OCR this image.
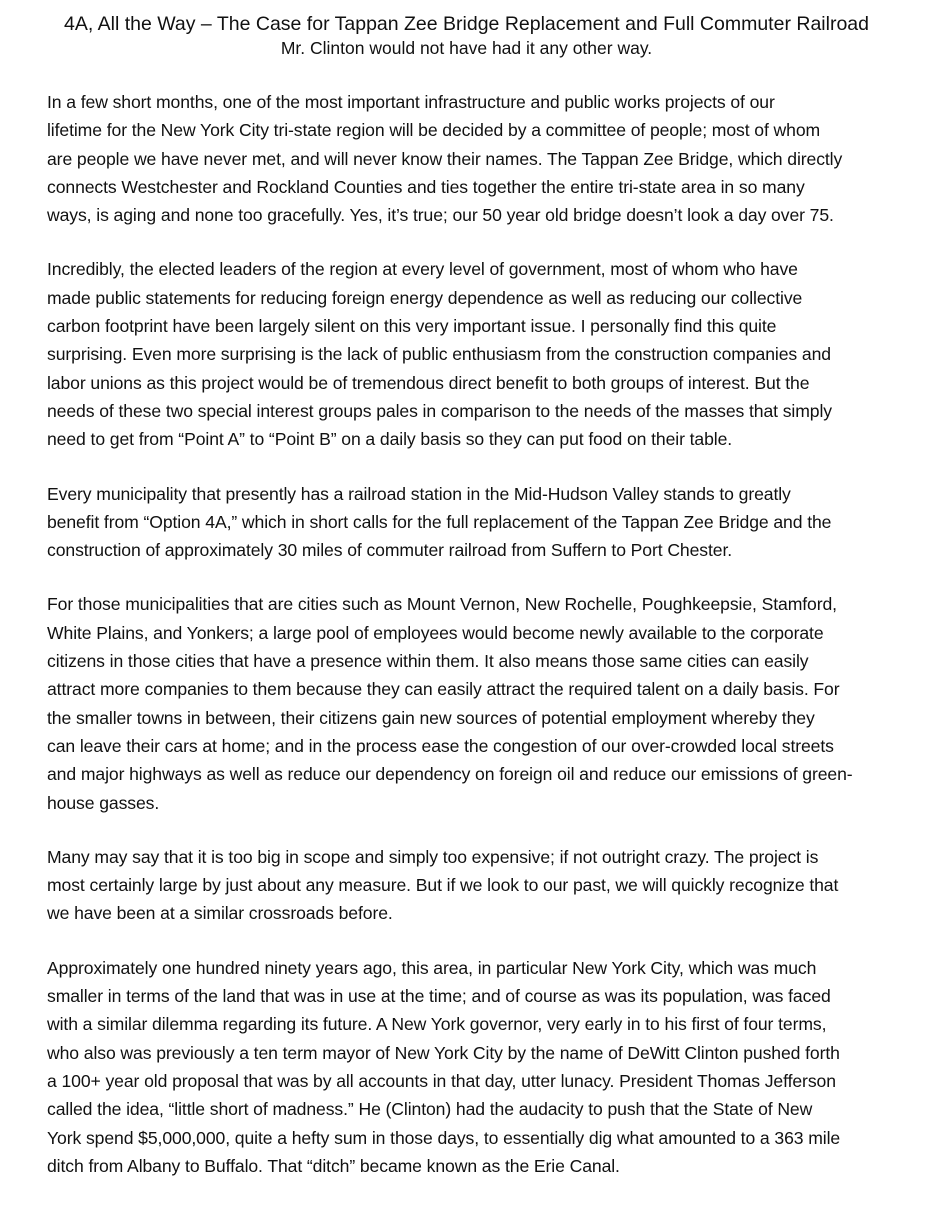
4A, All the Way – The Case for Tappan Zee Bridge Replacement and Full Commuter Railroad
Mr. Clinton would not have had it any other way.
In a few short months, one of the most important infrastructure and public works projects of our
lifetime for the New York City tri-state region will be decided by a committee of people; most of whom
are people we have never met, and will never know their names. The Tappan Zee Bridge, which directly
connects Westchester and Rockland Counties and ties together the entire tri-state area in so many
ways, is aging and none too gracefully. Yes, it’s true; our 50 year old bridge doesn’t look a day over 75.
Incredibly, the elected leaders of the region at every level of government, most of whom who have
made public statements for reducing foreign energy dependence as well as reducing our collective
carbon footprint have been largely silent on this very important issue. I personally find this quite
surprising. Even more surprising is the lack of public enthusiasm from the construction companies and
labor unions as this project would be of tremendous direct benefit to both groups of interest. But the
needs of these two special interest groups pales in comparison to the needs of the masses that simply
need to get from “Point A” to “Point B” on a daily basis so they can put food on their table.
Every municipality that presently has a railroad station in the Mid-Hudson Valley stands to greatly
benefit from “Option 4A,” which in short calls for the full replacement of the Tappan Zee Bridge and the
construction of approximately 30 miles of commuter railroad from Suffern to Port Chester.
For those municipalities that are cities such as Mount Vernon, New Rochelle, Poughkeepsie, Stamford,
White Plains, and Yonkers; a large pool of employees would become newly available to the corporate
citizens in those cities that have a presence within them. It also means those same cities can easily
attract more companies to them because they can easily attract the required talent on a daily basis. For
the smaller towns in between, their citizens gain new sources of potential employment whereby they
can leave their cars at home; and in the process ease the congestion of our over-crowded local streets
and major highways as well as reduce our dependency on foreign oil and reduce our emissions of green-
house gasses.
Many may say that it is too big in scope and simply too expensive; if not outright crazy. The project is
most certainly large by just about any measure. But if we look to our past, we will quickly recognize that
we have been at a similar crossroads before.
Approximately one hundred ninety years ago, this area, in particular New York City, which was much
smaller in terms of the land that was in use at the time; and of course as was its population, was faced
with a similar dilemma regarding its future. A New York governor, very early in to his first of four terms,
who also was previously a ten term mayor of New York City by the name of DeWitt Clinton pushed forth
a 100+ year old proposal that was by all accounts in that day, utter lunacy. President Thomas Jefferson
called the idea, “little short of madness.” He (Clinton) had the audacity to push that the State of New
York spend $5,000,000, quite a hefty sum in those days, to essentially dig what amounted to a 363 mile
ditch from Albany to Buffalo. That “ditch” became known as the Erie Canal.
